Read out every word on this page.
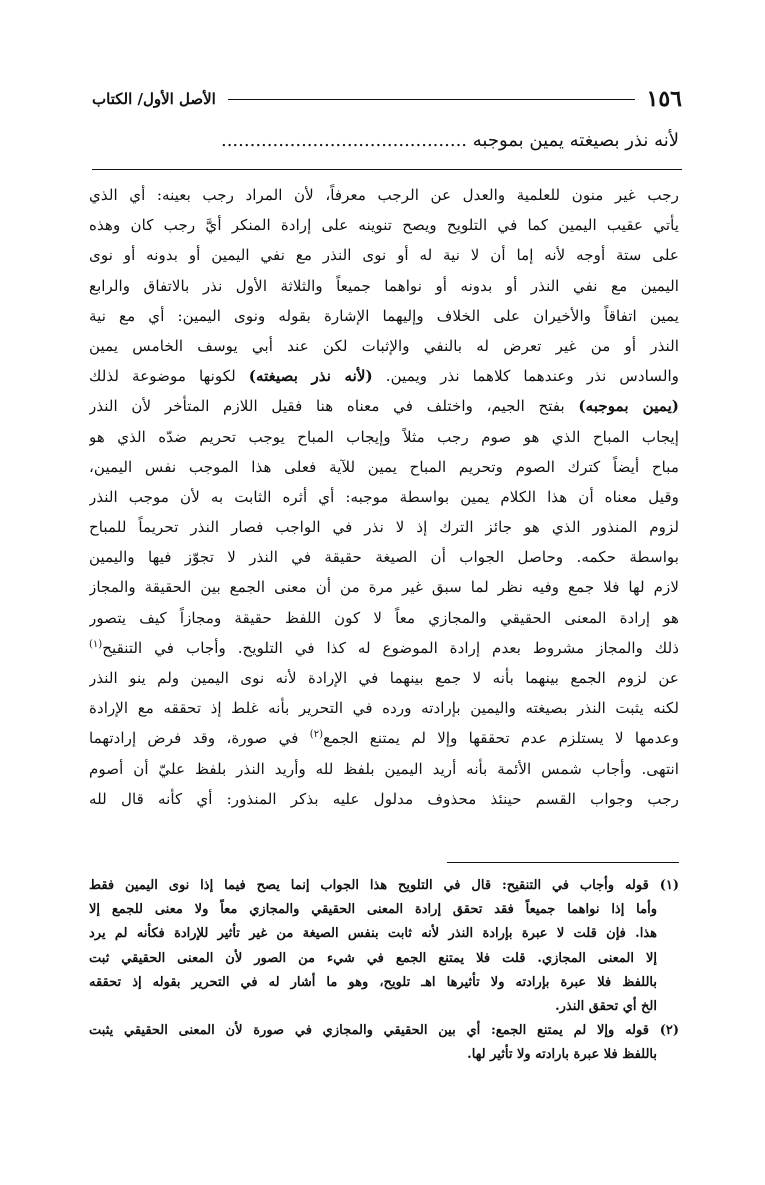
الأصل الأول/ الكتاب	١٥٦
لأنه نذر بصيغته يمين بموجبه ...........................................
رجب غير منون للعلمية والعدل عن الرجب معرفاً، لأن المراد رجب بعينه: أي الذي
يأتي عقيب اليمين كما في التلويح ويصح تنوينه على إرادة المنكر أيَّ رجب كان وهذه
على ستة أوجه لأنه إما أن لا نية له أو نوى النذر مع نفي اليمين أو بدونه أو نوى
اليمين مع نفي النذر أو بدونه أو نواهما جميعاً والثلاثة الأول نذر بالاتفاق والرابع
يمين اتفاقاً والأخيران على الخلاف وإليهما الإشارة بقوله ونوى اليمين: أي مع نية
النذر أو من غير تعرض له بالنفي والإثبات لكن عند أبي يوسف الخامس يمين
والسادس نذر وعندهما كلاهما نذر ويمين. (لأنه نذر بصيغته) لكونها موضوعة لذلك
(يمين بموجبه) بفتح الجيم، واختلف في معناه هنا فقيل اللازم المتأخر لأن النذر
إيجاب المباح الذي هو صوم رجب مثلاً وإيجاب المباح يوجب تحريم ضدّه الذي هو
مباح أيضاً كترك الصوم وتحريم المباح يمين للآية فعلى هذا الموجب نفس اليمين،
وقيل معناه أن هذا الكلام يمين بواسطة موجبه: أي أثره الثابت به لأن موجب النذر
لزوم المنذور الذي هو جائز الترك إذ لا نذر في الواجب فصار النذر تحريماً للمباح
بواسطة حكمه. وحاصل الجواب أن الصيغة حقيقة في النذر لا تجوّز فيها واليمين
لازم لها فلا جمع وفيه نظر لما سبق غير مرة من أن معنى الجمع بين الحقيقة والمجاز
هو إرادة المعنى الحقيقي والمجازي معاً لا كون اللفظ حقيقة ومجازاً كيف يتصور
ذلك والمجاز مشروط بعدم إرادة الموضوع له كذا في التلويح. وأجاب في التنقيح$^{(١)}$
عن لزوم الجمع بينهما بأنه لا جمع بينهما في الإرادة لأنه نوى اليمين ولم ينو النذر
لكنه يثبت النذر بصيغته واليمين بإرادته ورده في التحرير بأنه غلط إذ تحققه مع الإرادة
وعدمها لا يستلزم عدم تحققها وإلا لم يمتنع الجمع$^{(٢)}$ في صورة، وقد فرض إرادتهما
انتهى. وأجاب شمس الأئمة بأنه أريد اليمين بلفظ لله وأريد النذر بلفظ عليّ أن أصوم
رجب وجواب القسم حينئذ محذوف مدلول عليه بذكر المنذور: أي كأنه قال لله
(١) قوله وأجاب في التنقيح: قال في التلويح هذا الجواب إنما يصح فيما إذا نوى اليمين فقط
وأما إذا نواهما جميعاً فقد تحقق إرادة المعنى الحقيقي والمجازي معاً ولا معنى للجمع إلا
هذا. فإن قلت لا عبرة بإرادة النذر لأنه ثابت بنفس الصيغة من غير تأثير للإرادة فكأنه لم يرد
إلا المعنى المجازي. قلت فلا يمتنع الجمع في شيء من الصور لأن المعنى الحقيقي ثبت
باللفظ فلا عبرة بإرادته ولا تأثيرها اهـ تلويح، وهو ما أشار له في التحرير بقوله إذ تحققه
الخ أي تحقق النذر.
(٢) قوله وإلا لم يمتنع الجمع: أي بين الحقيقي والمجازي في صورة لأن المعنى الحقيقي يثبت
باللفظ فلا عبرة بارادته ولا تأثير لها.
